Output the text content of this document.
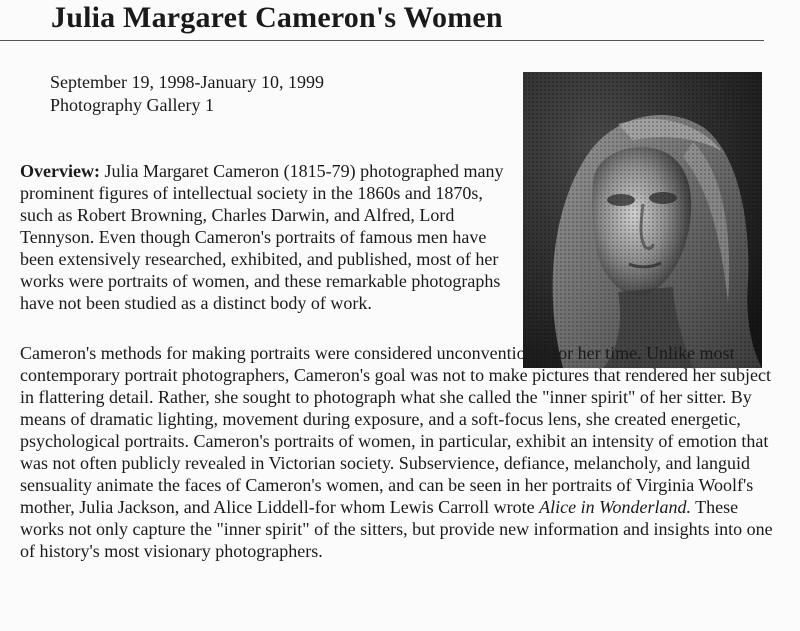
Julia Margaret Cameron's Women
September 19, 1998-January 10, 1999
Photography Gallery 1

Overview: Julia Margaret Cameron (1815-79) photographed many prominent figures of intellectual society in the 1860s and 1870s, such as Robert Browning, Charles Darwin, and Alfred, Lord Tennyson. Even though Cameron's portraits of famous men have been extensively researched, exhibited, and published, most of her works were portraits of women, and these remarkable photographs have not been studied as a distinct body of work.

Cameron's methods for making portraits were considered unconventional for her time. Unlike most contemporary portrait photographers, Cameron's goal was not to make pictures that rendered her subject in flattering detail. Rather, she sought to photograph what she called the "inner spirit" of her sitter. By means of dramatic lighting, movement during exposure, and a soft-focus lens, she created energetic, psychological portraits. Cameron's portraits of women, in particular, exhibit an intensity of emotion that was not often publicly revealed in Victorian society. Subservience, defiance, melancholy, and languid sensuality animate the faces of Cameron's women, and can be seen in her portraits of Virginia Woolf's mother, Julia Jackson, and Alice Liddell-for whom Lewis Carroll wrote Alice in Wonderland. These works not only capture the "inner spirit" of the sitters, but provide new information and insights into one of history's most visionary photographers.
